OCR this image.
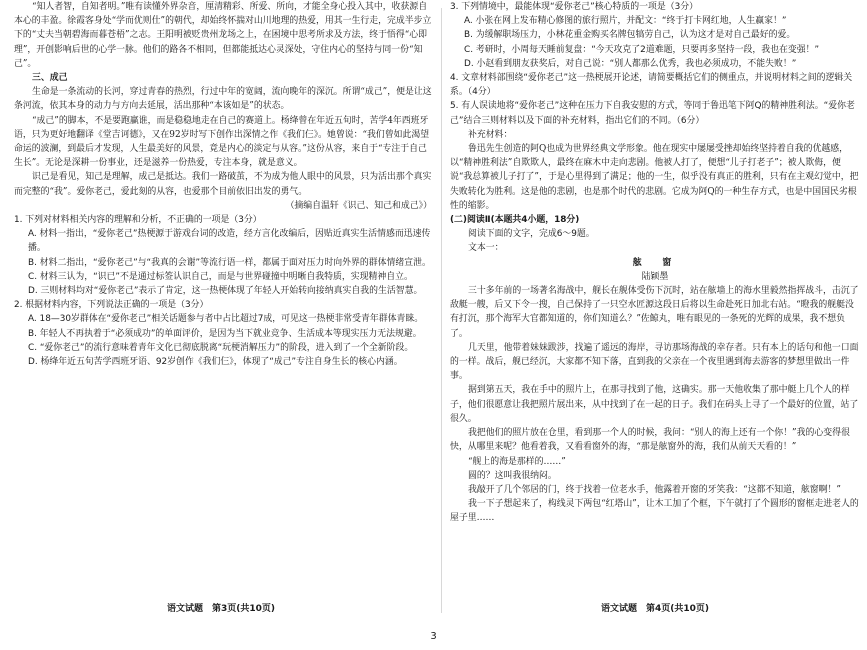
“知人者智，自知者明。”唯有读懂外界杂音，厘清精彩、所爱、所向，才能全身心投入其中，收获源自本心的丰盈。徐霞客身处“学而优则仕”的朝代，却始终怀揣对山川地理的热爱，用其一生行走，完成半步立下的“丈夫当朝碧海而暮苍梧”之志。王阳明被贬贵州龙场之上，在困境中思考所求及方法，终于悟得“心即理”，开创影响后世的心学一脉。他们的路各不相同，但都能抵达心灵深处，守住内心的坚持与同一份“知己”。

三、成己

生命是一条流动的长河，穿过青春的热烈，行过中年的宽阔，流向晚年的深沉。所谓“成己”，便是让这条河流，依其本身的动力与方向去延展，活出那种“本该如是”的状态。

“成己”的脚本，不是要跑赢谁，而是稳稳地走在自己的赛道上。杨绛曾在年近五旬时，苦学4年西班牙语，只为更好地翻译《堂吉诃德》，又在92岁时写下创作出深情之作《我们仨》。她曾说：“我们曾如此渴望命运的波澜，到最后才发现，人生最美好的风景，竟是内心的淡定与从容。”这份从容，来自于“专注于自己生长”。无论是深耕一份事业，还是滋养一份热爱，专注本身，就是意义。

识己是看见，知己是理解，成己是抵达。我们一路破茧，不为成为他人眼中的风景，只为活出那个真实而完整的“我”。爱你老己，爱此刻的从容，也爱那个目前依旧出发的勇气。

（摘编自温轩《识己、知己和成己》）

1. 下列对材料相关内容的理解和分析，不正确的一项是（3分）

A. 材料一指出，“爱你老己”热梗源于游戏台词的改造，经方言化改编后，因贴近真实生活情感而迅速传播。

B. 材料二指出，“爱你老己”与“我真的会谢”等流行语一样，都属于面对压力时向外界的群体情绪宣泄。

C. 材料三认为，“识已”不是通过标签认识自己，而是与世界碰撞中明晰自我特质，实现精神自立。

D. 三则材料均对“爱你老己”表示了肯定，这一热梗体现了年轻人开始转向接纳真实自我的生活智慧。

2. 根据材料内容，下列说法正确的一项是（3分）

A. 18—30岁群体在“爱你老己”相关话题参与者中占比超过7成，可见这一热梗非常受青年群体青睐。

B. 年轻人不再执着于“必须成功”的单面评价，是因为当下就业竞争、生活成本等现实压力无法规避。

C. “爱你老己”的流行意味着青年文化已彻底脱离“玩梗消解压力”的阶段，进入到了一个全新阶段。

D. 杨绛年近五旬苦学西班牙语、92岁创作《我们仨》，体现了“成己”专注自身生长的核心内涵。

语文试题　第3页(共10页)

3. 下列情境中，最能体现“爱你老己”核心特质的一项是（3分）

A. 小张在网上发布精心修图的旅行照片，并配文：“终于打卡网红地，人生赢家！”

B. 为缓解职场压力，小林花重金购买名牌包犒劳自己，认为这才是对自己最好的爱。

C. 考研时，小周每天睡前复盘：“今天攻克了2道难题，只要再多坚持一段，我也在变强！”

D. 小赵看到朋友获奖后，对自己说：“别人都那么优秀，我也必须成功，不能失败！”

4. 文章材料部围绕“爱你老己”这一热梗展开论述，请简要概括它们的侧重点，并说明材料之间的逻辑关系。（4分）

5. 有人误读地将“爱你老己”这种在压力下自我安慰的方式，等同于鲁迅笔下阿Q的精神胜利法。“爱你老己”结合三则材料以及下面的补充材料，指出它们的不同。（6分）

补充材料：

鲁迅先生创造的阿Q也成为世界经典文学形象。他在现实中屡屡受挫却始终坚持着自我的优越感，以“精神胜利法”自欺欺人，最终在麻木中走向悲剧。他被人打了，便想“儿子打老子”；被人欺侮，便说“我总算被儿子打了”，于是心里得到了满足；他的一生，似乎没有真正的胜利，只有在主观幻觉中，把失败转化为胜利。这是他的悲剧，也是那个时代的悲剧。它成为阿Q的一种生存方式，也是中国国民劣根性的缩影。

(二)阅读Ⅱ(本题共4小题，18分)

阅读下面的文字，完成6～9题。

文本一：

舷　窗

陆颖墨

三十多年前的一场著名海战中，舰长在舰体受伤下沉时，站在舷墙上的海水里毅然指挥战斗，击沉了敌艇一艘，后又下令一搜，自己保持了一只空水匠源这段日后将以生命赴死日加北右站。“瞪我的舰艇没有打沉，那个海军大官都知道的，你们知道么？”佐鲸丸，唯有眼见的一条死的光辉的成果，我不想负了。

几天里，他带着妹妹跋涉，找遍了遥远的海岸，寻访那场海战的幸存者。只有本上的话句和他一口面的一样。战后，舰已经沉，大家都不知下落，直到我的父亲在一个夜里遇到海去游客的梦想里做出一件事。

据到第五天，我在手中的照片上，在那寻找到了他，这确实。那一天他收集了那中艇上几个人的样子，他们很愿意让我把照片展出来，从中找到了在一起的日子。我们在码头上寻了一个最好的位置，站了很久。

我把他们的照片放在仓里，看到那一个人的时候，我问：“别人的海上还有一个你！”我的心变得很快，从哪里来呢？他看着我，又看看窗外的海，“那是舷窗外的海，我们从前天天看的！”

“舰上的海是那样的……”

圆的？这叫我很纳闷。

我敲开了几个邻居的门，终于找着一位老水手，他露着开窗的牙笑我：“这都不知道，舷窗啊！”

我一下子想起来了，构线灵下两包“红塔山”，让木工加了个框，下午就打了个圆形的窗框走进老人的屋子里……

语文试题　第4页(共10页)
3
